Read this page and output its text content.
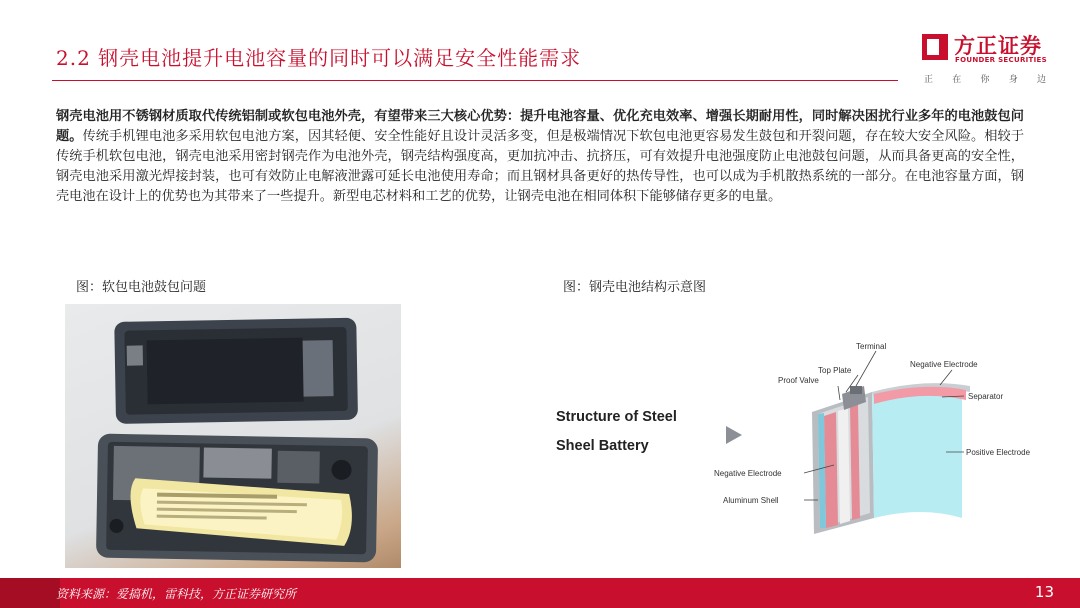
2.2 钢壳电池提升电池容量的同时可以满足安全性能需求	方正证券
FOUNDER SECURITIES
正 在 你 身 边
钢壳电池用不锈钢材质取代传统铝制或软包电池外壳，有望带来三大核心优势：提升电池容量、优化充电效率、增强长期耐用性，同时解决困扰行业多年的电池鼓包问题。传统手机锂电池多采用软包电池方案，因其轻便、安全性能好且设计灵活多变，但是极端情况下软包电池更容易发生鼓包和开裂问题，存在较大安全风险。相较于传统手机软包电池，钢壳电池采用密封钢壳作为电池外壳，钢壳结构强度高，更加抗冲击、抗挤压，可有效提升电池强度防止电池鼓包问题，从而具备更高的安全性，钢壳电池采用激光焊接封装，也可有效防止电解液泄露可延长电池使用寿命；而且钢材具备更好的热传导性，也可以成为手机散热系统的一部分。在电池容量方面，钢壳电池在设计上的优势也为其带来了一些提升。新型电芯材料和工艺的优势，让钢壳电池在相同体积下能够储存更多的电量。
图：软包电池鼓包问题	图：钢壳电池结构示意图
Structure of Steel
Sheel Battery
Terminal
Top Plate
Proof Valve
Negative Electrode
Separator
Positive Electrode
Negative Electrode
Aluminum Shell
资料来源：爱搞机，雷科技，方正证券研究所	13
